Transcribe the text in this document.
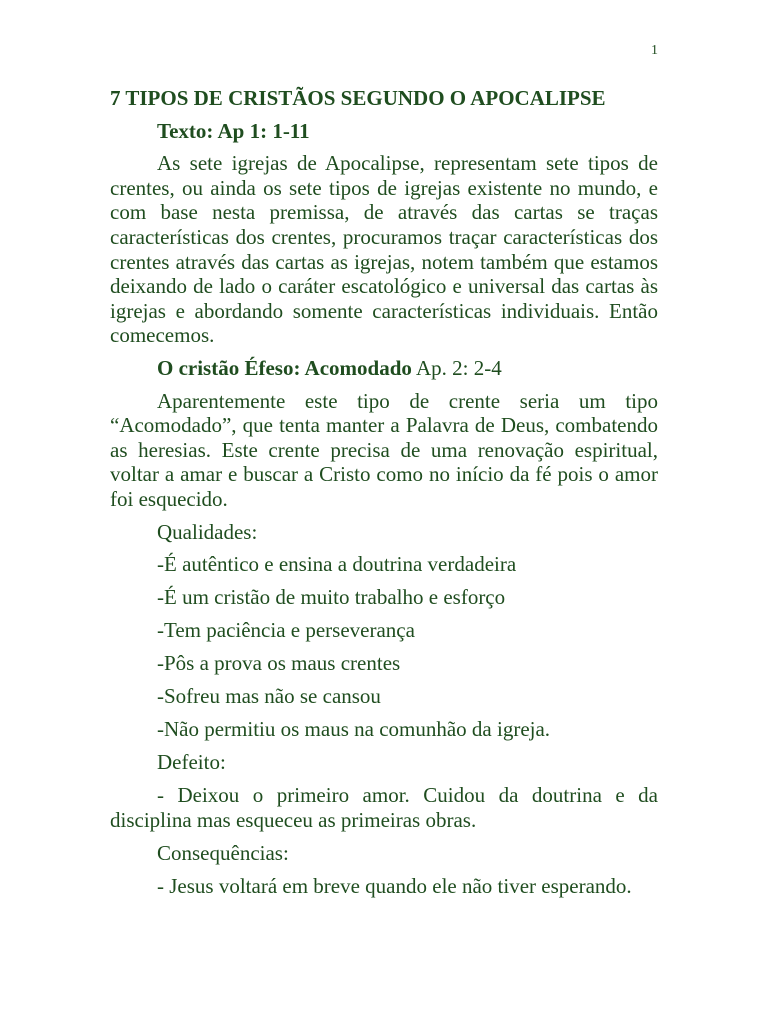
1
7 TIPOS DE CRISTÃOS SEGUNDO O APOCALIPSE
Texto: Ap 1: 1-11
As sete igrejas de Apocalipse, representam sete tipos de crentes, ou ainda os sete tipos de igrejas existente no mundo, e com base nesta premissa, de através das cartas se traças características dos crentes, procuramos traçar características dos crentes através das cartas as igrejas, notem também que estamos deixando de lado o caráter escatológico e universal das cartas às igrejas e abordando somente características individuais. Então comecemos.
O cristão Éfeso: Acomodado Ap. 2: 2-4
Aparentemente este tipo de crente seria um tipo “Acomodado”, que tenta manter a Palavra de Deus, combatendo as heresias. Este crente precisa de uma renovação espiritual, voltar a amar e buscar a Cristo como no início da fé pois o amor foi esquecido.
Qualidades:
-É autêntico e ensina a doutrina verdadeira
-É um cristão de muito trabalho e esforço
-Tem paciência e perseverança
-Pôs a prova os maus crentes
-Sofreu mas não se cansou
-Não permitiu os maus na comunhão da igreja.
Defeito:
- Deixou o primeiro amor. Cuidou da doutrina e da disciplina mas esqueceu as primeiras obras.
Consequências:
- Jesus voltará em breve quando ele não tiver esperando.
